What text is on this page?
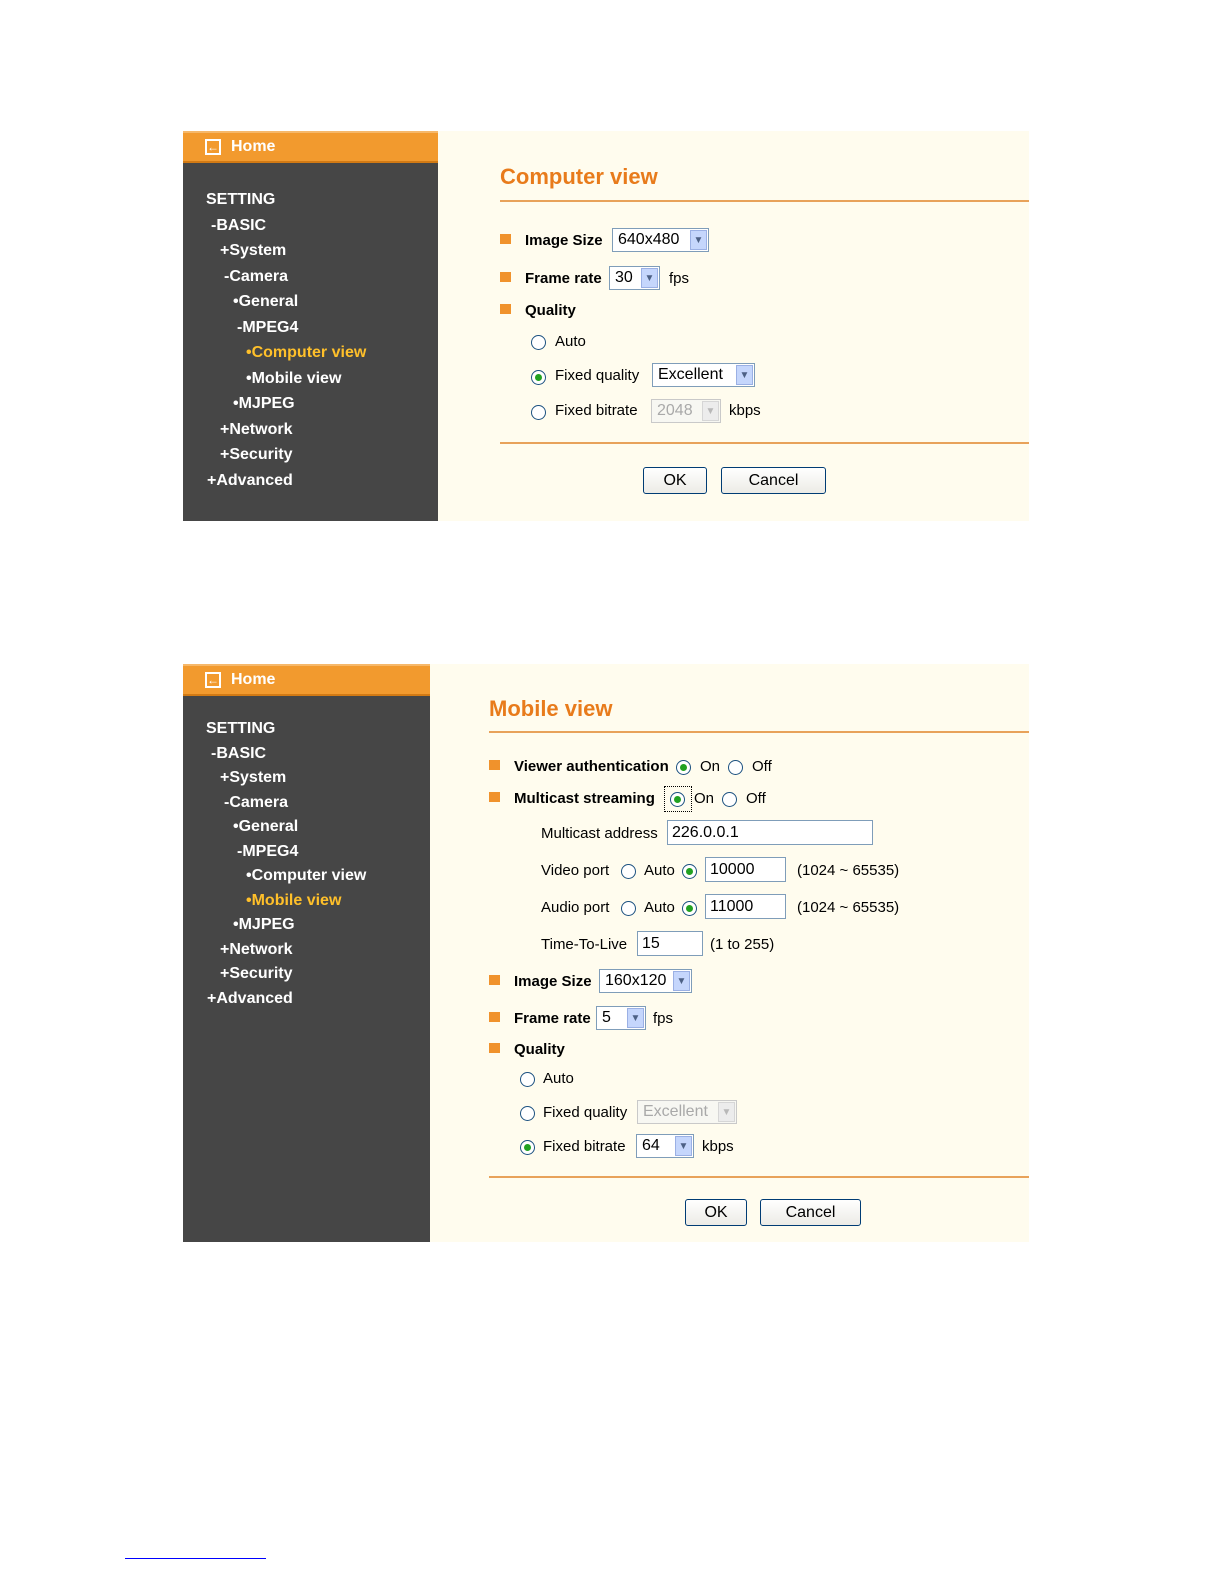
← Home
SETTING
-BASIC
+System
-Camera
•General
-MPEG4
•Computer view
•Mobile view
•MJPEG
+Network
+Security
+Advanced
Computer view
Image Size 640x480	▼
Frame rate 30	▼ fps
Quality
Auto
Fixed quality Excellent	▼
Fixed bitrate 2048	▼ kbps
OK	Cancel
← Home
SETTING
-BASIC
+System
-Camera
•General
-MPEG4
•Computer view
•Mobile view
•MJPEG
+Network
+Security
+Advanced
Mobile view
Viewer authentication On Off
Multicast streaming	On Off
Multicast address 226.0.0.1
Video port Auto	10000	(1024 ~ 65535)
Audio port Auto	11000	(1024 ~ 65535)
Time-To-Live 15	(1 to 255)
Image Size 160x120	▼
Frame rate 5	▼ fps
Quality
Auto
Fixed quality Excellent	▼
Fixed bitrate 64	▼ kbps
OK	Cancel
